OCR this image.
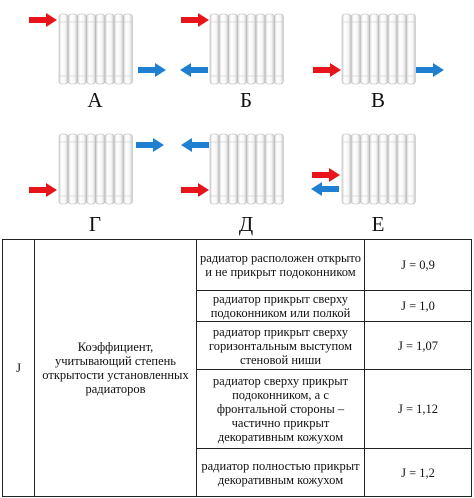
А	Б	В
Г	Д	Е
J	Коэффициент, учитывающий степень открытости установленных радиаторов	радиатор расположен открыто и не прикрыт подоконником	J = 0,9
		радиатор прикрыт сверху подоконником или полкой	J = 1,0
		радиатор прикрыт сверху горизонтальным выступом стеновой ниши	J = 1,07
		радиатор сверху прикрыт подоконником, а с фронтальной стороны – частично прикрыт декоративным кожухом	J = 1,12
		радиатор полностью прикрыт декоративным кожухом	J = 1,2
